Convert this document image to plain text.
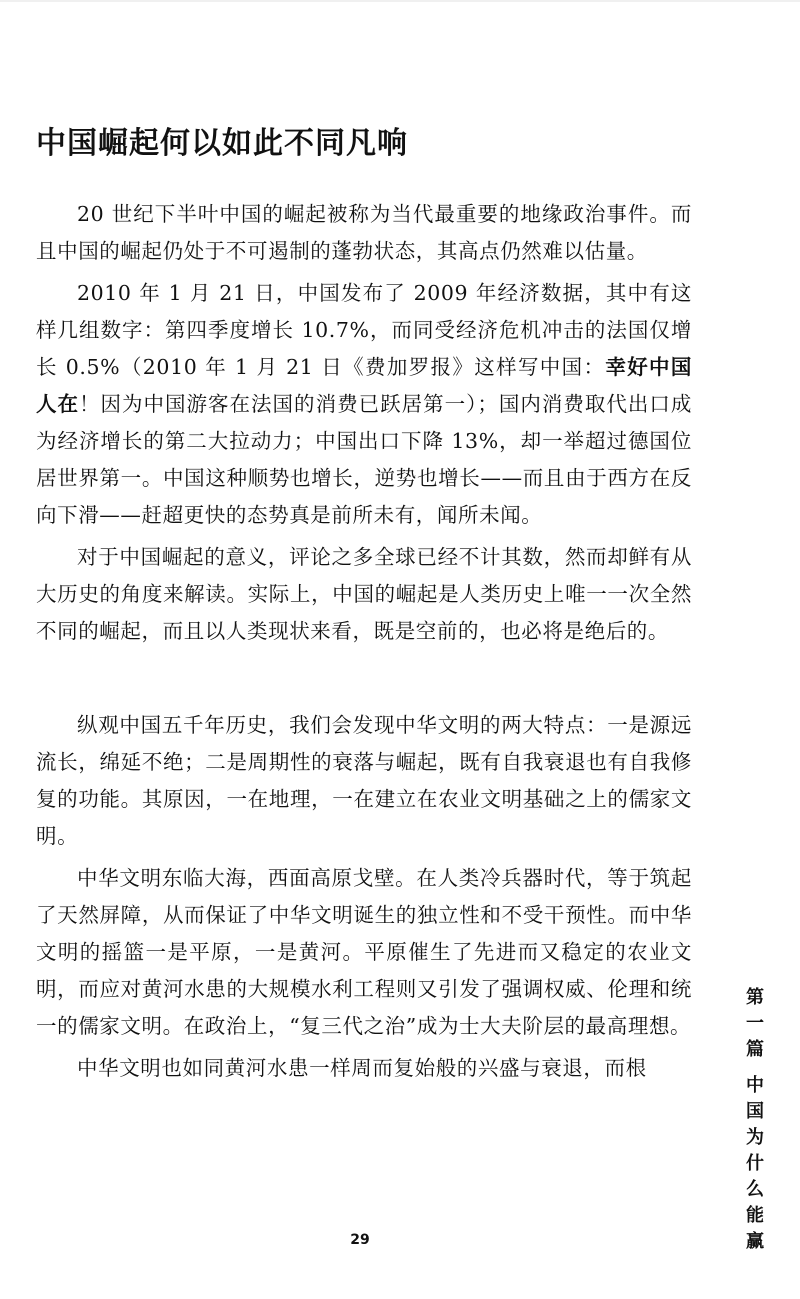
中国崛起何以如此不同凡响

20 世纪下半叶中国的崛起被称为当代最重要的地缘政治事件。而且中国的崛起仍处于不可遏制的蓬勃状态，其高点仍然难以估量。

2010 年 1 月 21 日，中国发布了 2009 年经济数据，其中有这样几组数字：第四季度增长 10.7%，而同受经济危机冲击的法国仅增长 0.5%（2010 年 1 月 21 日《费加罗报》这样写中国：幸好中国人在！因为中国游客在法国的消费已跃居第一）；国内消费取代出口成为经济增长的第二大拉动力；中国出口下降 13%，却一举超过德国位居世界第一。中国这种顺势也增长，逆势也增长——而且由于西方在反向下滑——赶超更快的态势真是前所未有，闻所未闻。

对于中国崛起的意义，评论之多全球已经不计其数，然而却鲜有从大历史的角度来解读。实际上，中国的崛起是人类历史上唯一一次全然不同的崛起，而且以人类现状来看，既是空前的，也必将是绝后的。

纵观中国五千年历史，我们会发现中华文明的两大特点：一是源远流长，绵延不绝；二是周期性的衰落与崛起，既有自我衰退也有自我修复的功能。其原因，一在地理，一在建立在农业文明基础之上的儒家文明。

中华文明东临大海，西面高原戈壁。在人类冷兵器时代，等于筑起了天然屏障，从而保证了中华文明诞生的独立性和不受干预性。而中华文明的摇篮一是平原，一是黄河。平原催生了先进而又稳定的农业文明，而应对黄河水患的大规模水利工程则又引发了强调权威、伦理和统一的儒家文明。在政治上，“复三代之治”成为士大夫阶层的最高理想。

中华文明也如同黄河水患一样周而复始般的兴盛与衰退，而根

第一篇
中国为什么能赢
29
